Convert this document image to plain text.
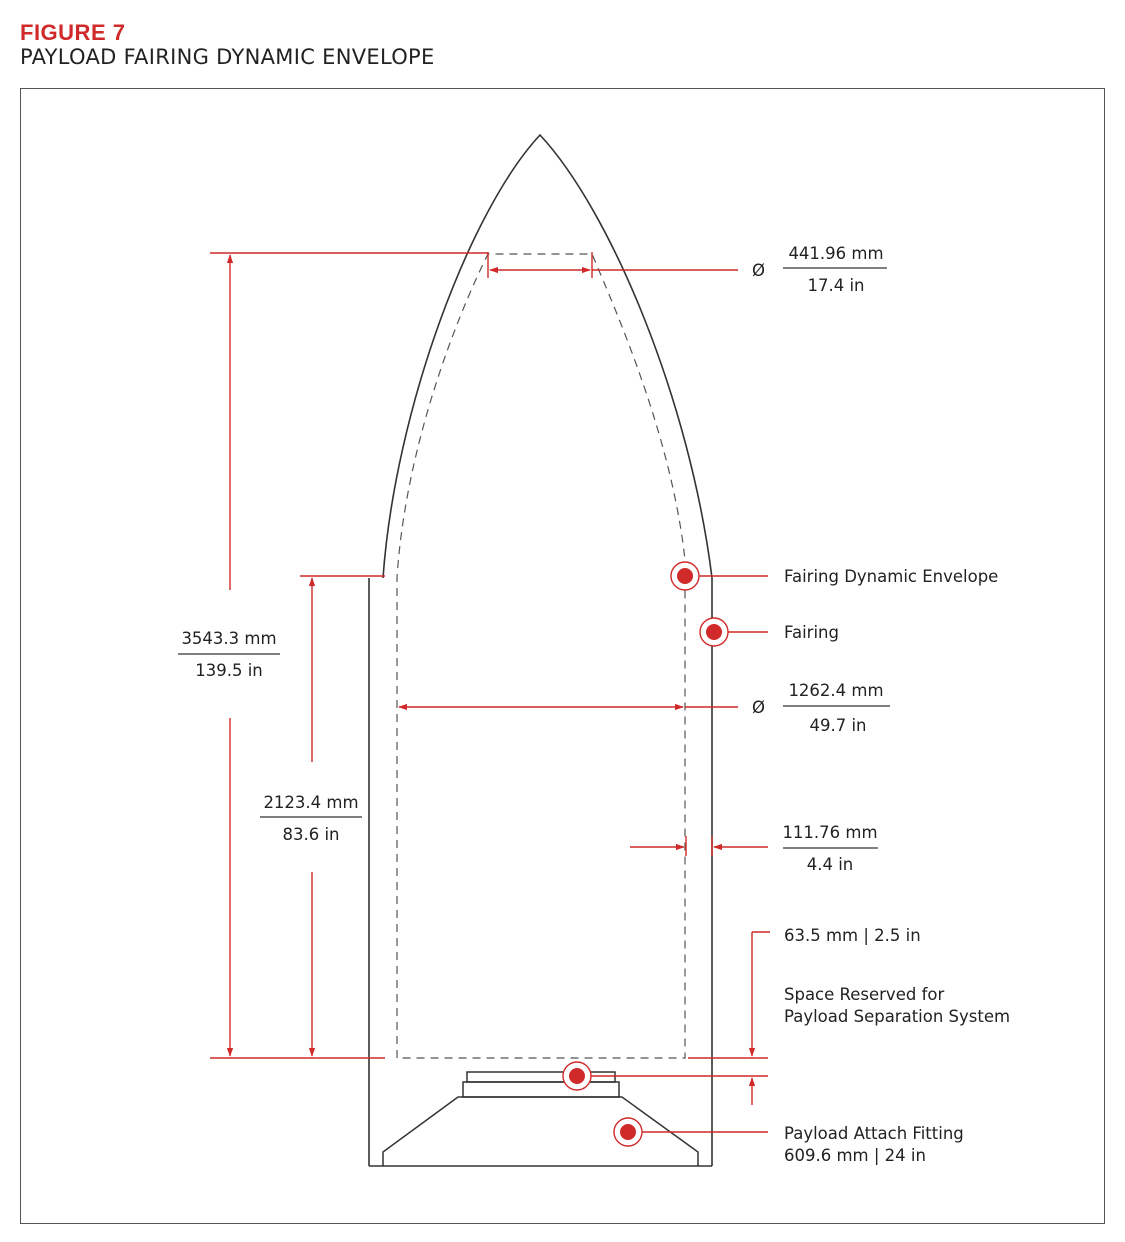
FIGURE 7
PAYLOAD FAIRING DYNAMIC ENVELOPE
Ø
441.96 mm
17.4 in
3543.3 mm
139.5 in
2123.4 mm
83.6 in
Ø
1262.4 mm
49.7 in
111.76 mm
4.4 in
63.5 mm | 2.5 in
Space Reserved for
Payload Separation System
Fairing Dynamic Envelope
Fairing
Payload Attach Fitting
609.6 mm | 24 in
